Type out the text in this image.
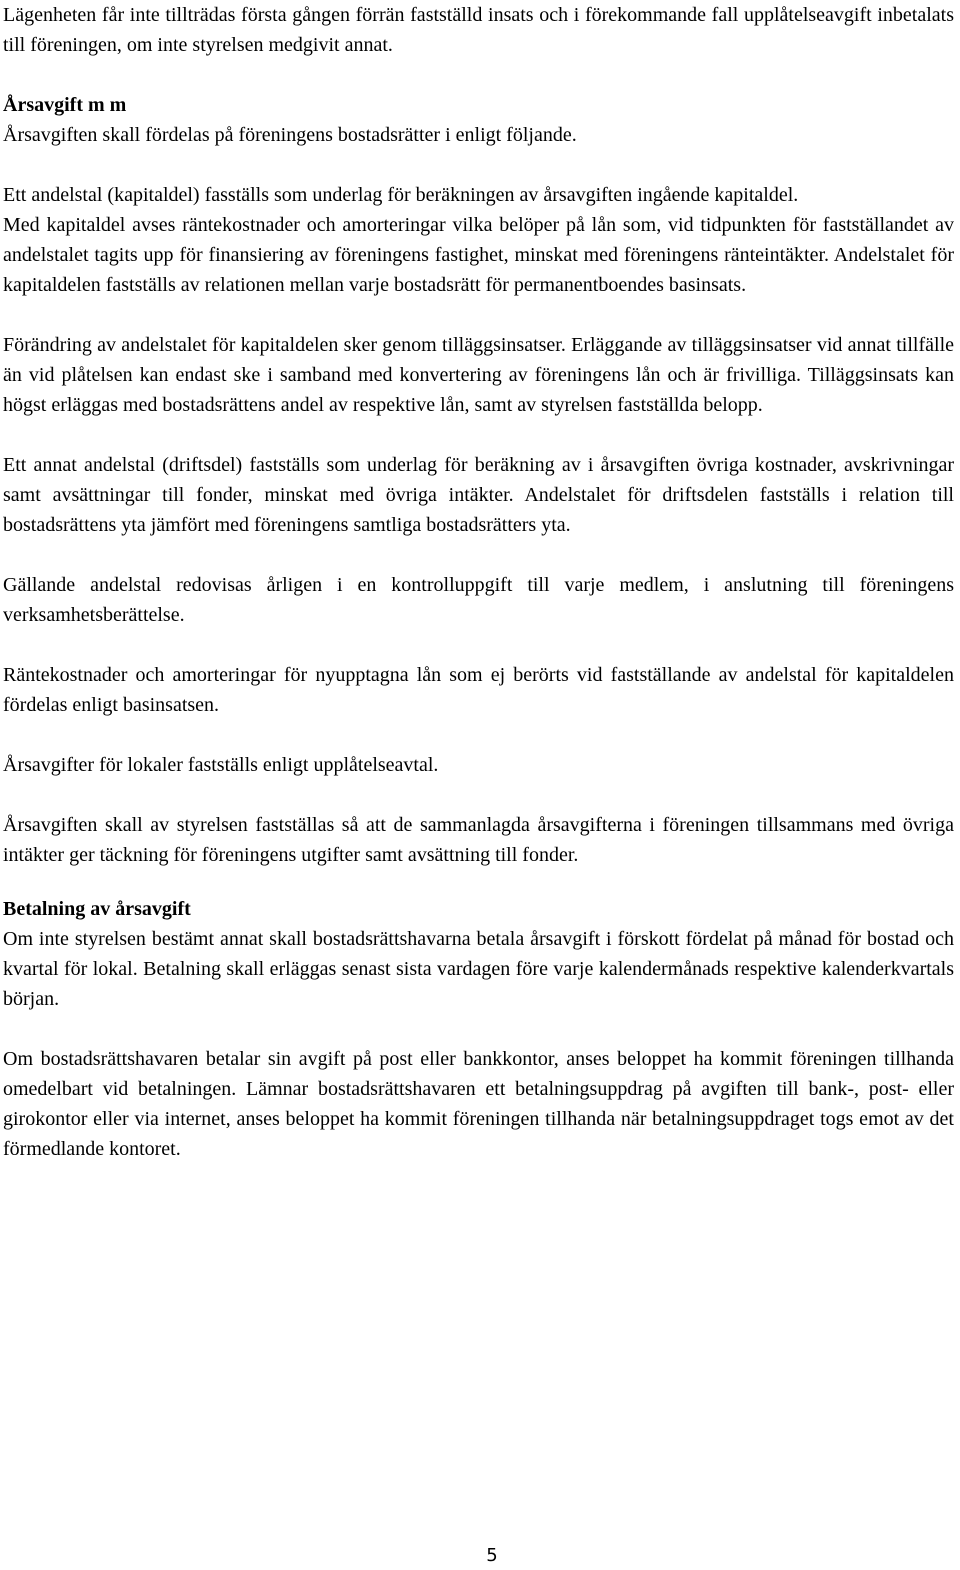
Lägenheten får inte tillträdas första gången förrän fastställd insats och i förekommande fall upplåtelseavgift inbetalats till föreningen, om inte styrelsen medgivit annat.

Årsavgift m m

Årsavgiften skall fördelas på föreningens bostadsrätter i enligt följande.

Ett andelstal (kapitaldel) fasställs som underlag för beräkningen av årsavgiften ingående kapitaldel.

Med kapitaldel avses räntekostnader och amorteringar vilka belöper på lån som, vid tidpunkten för fastställandet av andelstalet tagits upp för finansiering av föreningens fastighet, minskat med föreningens ränteintäkter. Andelstalet för kapitaldelen fastställs av relationen mellan varje bostadsrätt för permanentboendes basinsats.

Förändring av andelstalet för kapitaldelen sker genom tilläggsinsatser. Erläggande av tilläggsinsatser vid annat tillfälle än vid plåtelsen kan endast ske i samband med konvertering av föreningens lån och är frivilliga. Tilläggsinsats kan högst erläggas med bostadsrättens andel av respektive lån, samt av styrelsen fastställda belopp.

Ett annat andelstal (driftsdel) fastställs som underlag för beräkning av i årsavgiften övriga kostnader, avskrivningar samt avsättningar till fonder, minskat med övriga intäkter. Andelstalet för driftsdelen fastställs i relation till bostadsrättens yta jämfört med föreningens samtliga bostadsrätters yta.

Gällande andelstal redovisas årligen i en kontrolluppgift till varje medlem, i anslutning till föreningens verksamhetsberättelse.

Räntekostnader och amorteringar för nyupptagna lån som ej berörts vid fastställande av andelstal för kapitaldelen fördelas enligt basinsatsen.

Årsavgifter för lokaler fastställs enligt upplåtelseavtal.

Årsavgiften skall av styrelsen fastställas så att de sammanlagda årsavgifterna i föreningen tillsammans med övriga intäkter ger täckning för föreningens utgifter samt avsättning till fonder.

Betalning av årsavgift

Om inte styrelsen bestämt annat skall bostadsrättshavarna betala årsavgift i förskott fördelat på månad för bostad och kvartal för lokal. Betalning skall erläggas senast sista vardagen före varje kalendermånads respektive kalenderkvartals början.

Om bostadsrättshavaren betalar sin avgift på post eller bankkontor, anses beloppet ha kommit föreningen tillhanda omedelbart vid betalningen. Lämnar bostadsrättshavaren ett betalningsuppdrag på avgiften till bank-, post- eller girokontor eller via internet, anses beloppet ha kommit föreningen tillhanda när betalningsuppdraget togs emot av det förmedlande kontoret.

5
